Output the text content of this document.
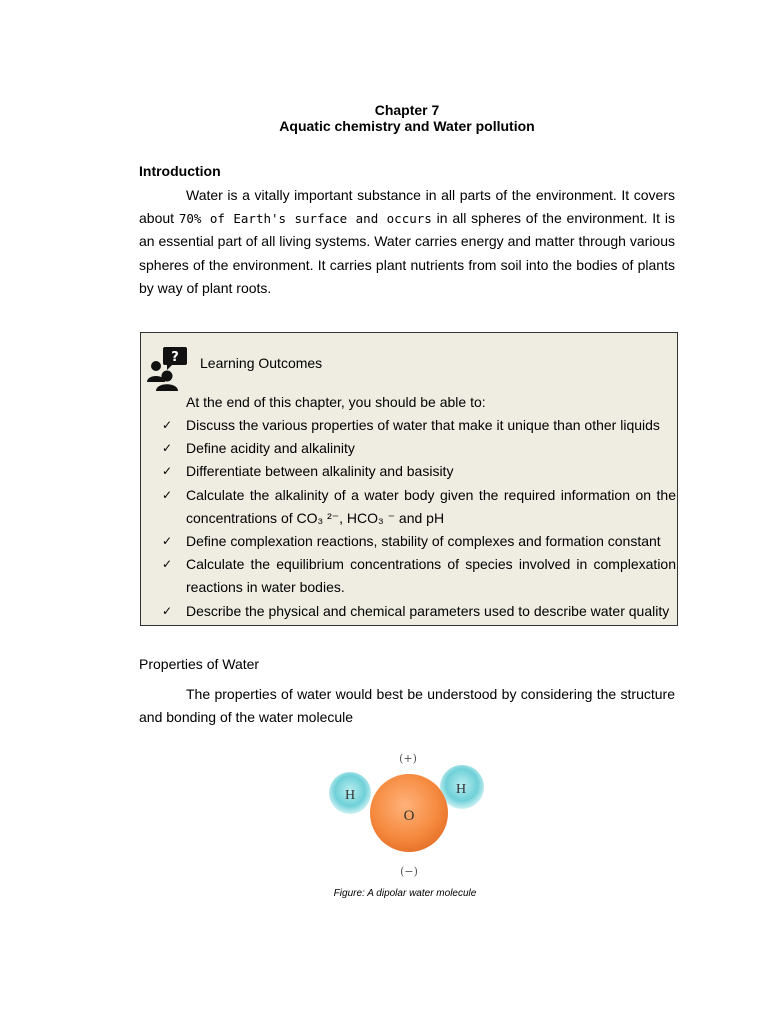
Chapter 7
Aquatic chemistry and Water pollution
Introduction
Water is a vitally important substance in all parts of the environment. It covers about 70% of Earth's surface and occurs in all spheres of the environment. It is an essential part of all living systems. Water carries energy and matter through various spheres of the environment. It carries plant nutrients from soil into the bodies of plants by way of plant roots.
? Learning Outcomes
At the end of this chapter, you should be able to:
✓ Discuss the various properties of water that make it unique than other liquids
✓ Define acidity and alkalinity
✓ Differentiate between alkalinity and basisity
✓ Calculate the alkalinity of a water body given the required information on the concentrations of CO₃ ²⁻, HCO₃ ⁻ and pH
✓ Define complexation reactions, stability of complexes and formation constant
✓ Calculate the equilibrium concentrations of species involved in complexation reactions in water bodies.
✓ Describe the physical and chemical parameters used to describe water quality
Properties of Water
The properties of water would best be understood by considering the structure and bonding of the water molecule
(+)
H	H
O
(−)
Figure: A dipolar water molecule
